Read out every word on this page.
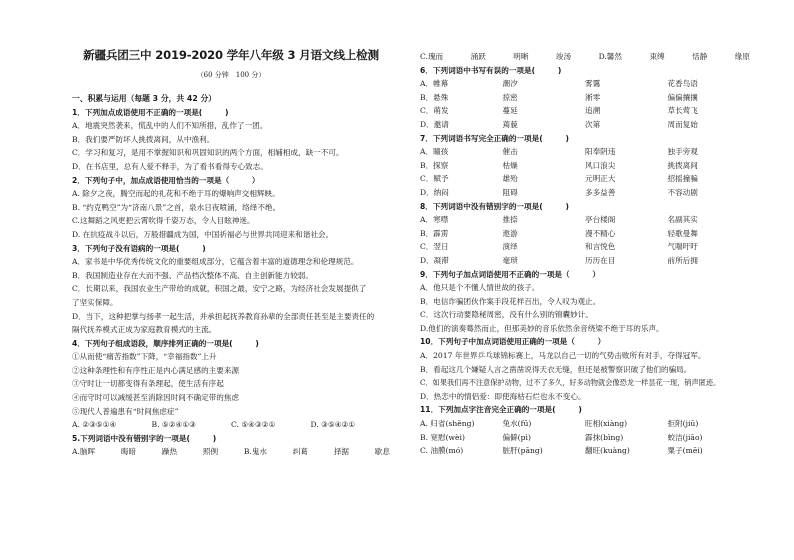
新疆兵团三中 2019-2020 学年八年级 3 月语文线上检测
（60 分钟　100 分）
一、积累与运用（每题 3 分，共 42 分）
1．下列加点成语使用不正确的一项是(　　　)
A．地震突然袭来，慌乱中的人们不知所措，乱作了一团。
B．我们要严防坏人挑拨离间，从中渔利。
C．学习和复习，是用不掌握知识和巩固知识的两个方面，相辅相成，缺一不可。
D．在书店里，总有人爱不释手，为了看书看得专心致志。
2．下列句子中，加点成语使用恰当的一项是（　　　）
A. 除夕之夜，腾空而起的礼花和不绝于耳的爆响声交相辉映。
B. “约克鸭空”为“济南八景”之首，泉水日夜喷涌，络绎不绝。
C.这舞蹈之风更把云霄吹得千姿万态，令人目眩神迷。
D. 在抗疫战斗以后，万般措疆成为国，中国祈福必与世界共同迎来和谐社会。
3．下列句子没有语病的一项是(　　　)
A．家书是中华优秀传统文化的重要组成部分，它蕴含着丰富的道德理念和伦理规范。
B．我国制造业存在大而不强、产品档次整体不高、自主创新能力较弱。
C．长期以来，我国农业生产带给的成就，积国之最，安宁之路，为经济社会发展提供了
了坚实保障。
D．当下，这种把掌与扬孝一起生活，并承担起抚养教育孙辈的全部责任甚至是主要责任的
隔代抚养模式正成为家庭教育模式的主流。
4．下列句子组成语段，顺序排列正确的一项是(　　　)
①从而使“痛苦指数”下降，“幸福指数”上升
②这种条理性和有序性正是内心满足感的主要来源
③守时让一切都变得有条理起，使生活有序起
④而守时可以减缓甚至消除因时间不确定带的焦虑
⑤现代人普遍患有“时间焦虑症”
A. ②③⑤①④	B. ⑤②④①③	C. ⑤④③②①	D. ③⑤④②①
5.下列词语中没有错别字的一项是(　　　)
A.脑晖	晦暗	躁热	照例	B.鬼水	纠葛	择据	歇息
C.瑰而	涌跃	明晰	竣汤	D.馨然	束缚	恬静	缘原
6．下列词语中书写有误的一项是(　　　)
A．帷幕	潮汐	雾霭	花香鸟语
B．悬殊	掠密	淅零	偏偏攘攘
C．萌发	蔓延	追溯	草长莺飞
D．邀请	蔫藐	次第	周而复始
7．下列词语书写完全正确的一项是(　　　)
A．瞳孩	催击	阳奉阴违	独手旁观
B．探察	枯燥	风口浪尖	挑拨离间
C．赋予	雄殆	元明正大	招摇撞骗
D．纳闷	阻碍	多多益善	不容动剧
8．下列词语中没有错别字的一项是(　　　)
A．寒噤	推捺	亭台楼阁	名副其实
B．霹雳	遨游	漫不精心	轻歌曼舞
C．翌日	演绎	和言悦色	气喘吁吁
D．凝滞	毫琐	历历在目	前所后拥
9．下列句子加点词语使用不正确的一项是（　　　）
A．他只是个不懂人情世故的孩子。
B．电信诈骗团伙作案手段花样百出，令人叹为观止。
C．这次行动要隐秘周密，没有什么别的锦囊妙计。
D.他们的演奏蓦然而止，但那美妙的音乐依然余音绕梁不绝于耳的乐声。
10．下列句子中加点词语使用正确的一项是（　　　）
A．2017 年世界乒乓球锦标赛上，马龙以自己一切的气势击败所有对手，夺得冠军。
B．看起这几个嫌疑人言之凿凿说得天衣无缝，但还是被警察识破了他们的骗局。
C．如果我们再不注意保护动物，过不了多久，好多动物就会像恐龙一样昙花一现，销声匿迹。
D．热恋中的情侣爱：即使海枯石烂也永不变心。
11．下列加点字注音完全正确的一项是(　　　)
A. 归省(shěng)	兔水(fū)	旺相(xiàng)	拒附(jiū)
B. 宽慰(wèi)	偏僻(pì)	霹抹(bìng)	蛟洁(jiāo)
C. 油膜(mó)	脏肝(pāng)	翻旺(kuàng)	粟子(mēi)
